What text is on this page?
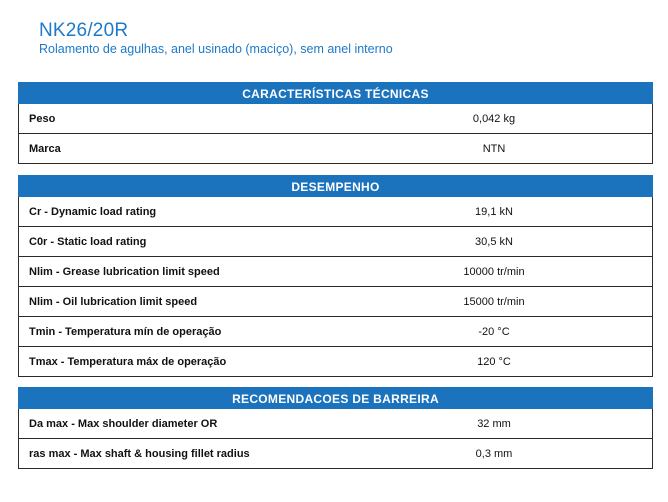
NK26/20R
Rolamento de agulhas, anel usinado (maciço), sem anel interno
CARACTERÍSTICAS TÉCNICAS
Peso	0,042 kg
Marca	NTN
DESEMPENHO
Cr - Dynamic load rating	19,1 kN
C0r - Static load rating	30,5 kN
Nlim - Grease lubrication limit speed	10000 tr/min
Nlim - Oil lubrication limit speed	15000 tr/min
Tmin - Temperatura mín de operação	-20 °C
Tmax - Temperatura máx de operação	120 °C
RECOMENDACOES DE BARREIRA
Da max - Max shoulder diameter OR	32 mm
ras max - Max shaft & housing fillet radius	0,3 mm
